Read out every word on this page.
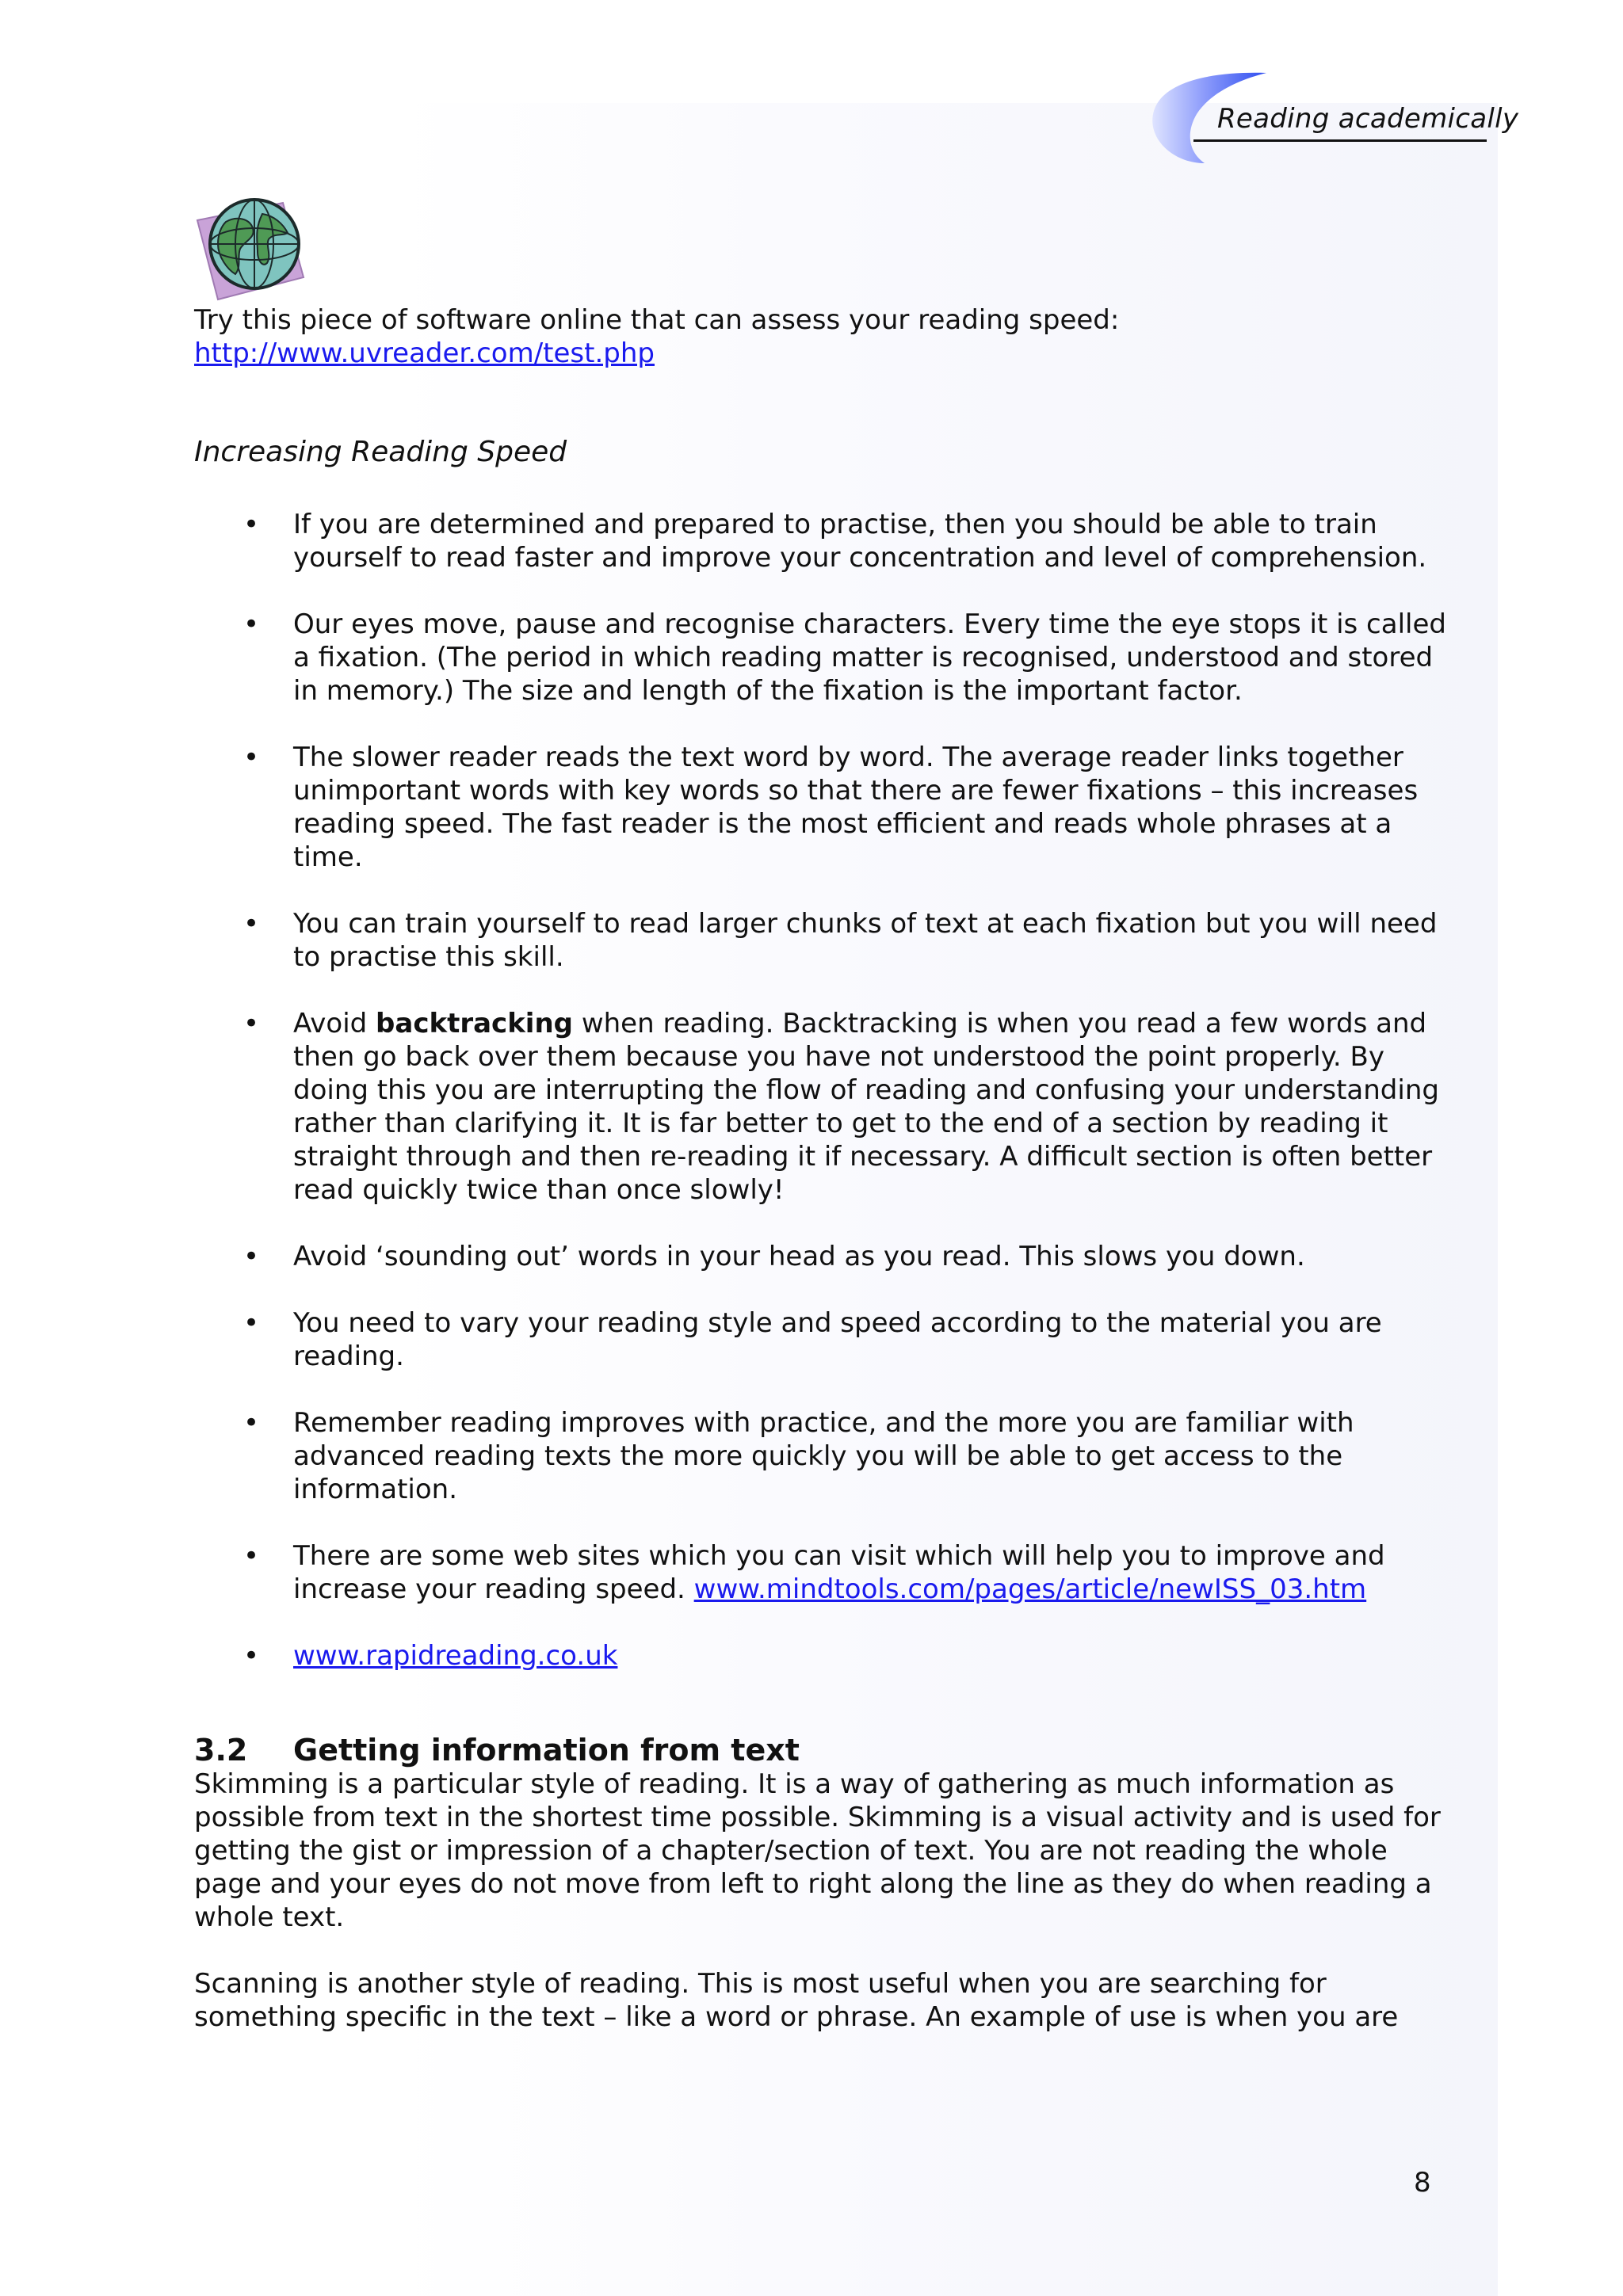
Reading academically

Try this piece of software online that can assess your reading speed:

http://www.uvreader.com/test.php

Increasing Reading Speed

• If you are determined and prepared to practise, then you should be able to train yourself to read faster and improve your concentration and level of comprehension.
• Our eyes move, pause and recognise characters. Every time the eye stops it is called a fixation. (The period in which reading matter is recognised, understood and stored in memory.) The size and length of the fixation is the important factor.
• The slower reader reads the text word by word. The average reader links together unimportant words with key words so that there are fewer fixations – this increases reading speed. The fast reader is the most efficient and reads whole phrases at a time.
• You can train yourself to read larger chunks of text at each fixation but you will need to practise this skill.
• Avoid backtracking when reading. Backtracking is when you read a few words and then go back over them because you have not understood the point properly. By doing this you are interrupting the flow of reading and confusing your understanding rather than clarifying it. It is far better to get to the end of a section by reading it straight through and then re-reading it if necessary. A difficult section is often better read quickly twice than once slowly!
• Avoid ‘sounding out’ words in your head as you read. This slows you down.
• You need to vary your reading style and speed according to the material you are reading.
• Remember reading improves with practice, and the more you are familiar with advanced reading texts the more quickly you will be able to get access to the information.
• There are some web sites which you can visit which will help you to improve and increase your reading speed. www.mindtools.com/pages/article/newISS_03.htm
• www.rapidreading.co.uk

3.2 Getting information from text

Skimming is a particular style of reading. It is a way of gathering as much information as possible from text in the shortest time possible. Skimming is a visual activity and is used for getting the gist or impression of a chapter/section of text. You are not reading the whole page and your eyes do not move from left to right along the line as they do when reading a whole text.

Scanning is another style of reading. This is most useful when you are searching for something specific in the text – like a word or phrase. An example of use is when you are

8
